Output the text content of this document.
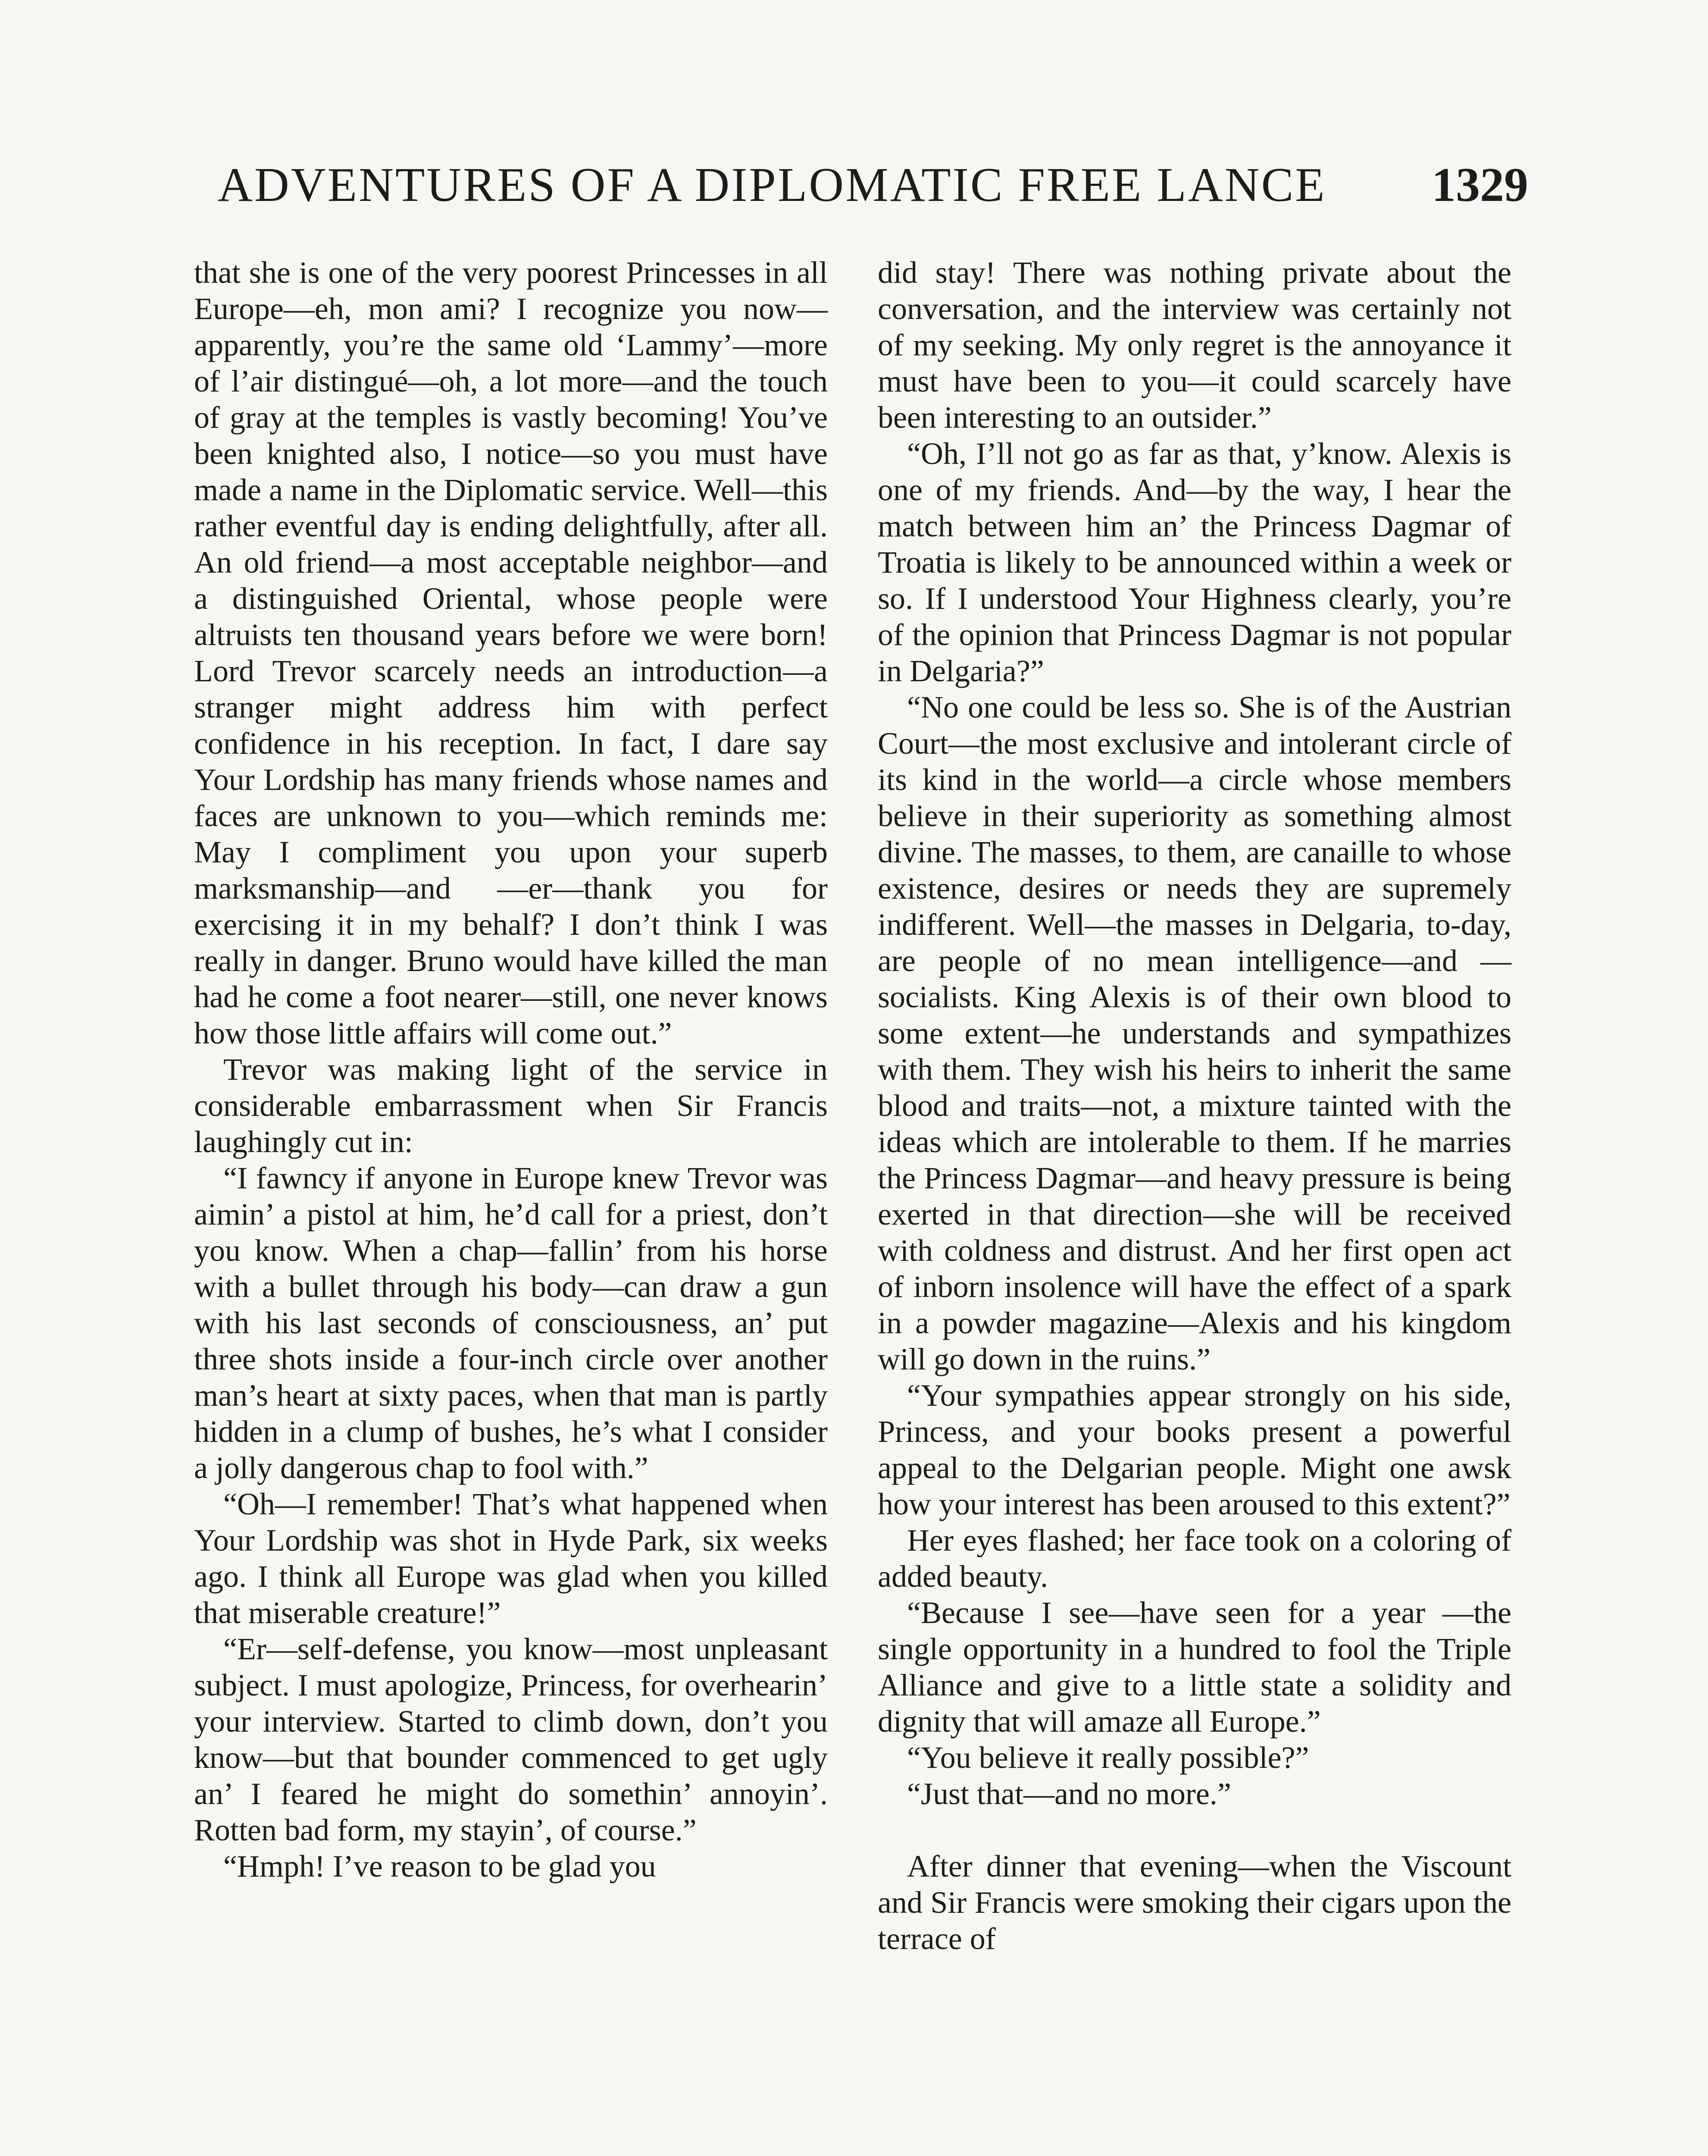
ADVENTURES OF A DIPLOMATIC FREE LANCE 1329

that she is one of the very poorest Princesses in all Europe—eh, mon ami? I recognize you now—apparently, you’re the same old ‘Lammy’—more of l’air distingué—oh, a lot more—and the touch of gray at the temples is vastly becoming! You’ve been knighted also, I notice—so you must have made a name in the Diplomatic service. Well—this rather eventful day is ending delightfully, after all. An old friend—a most acceptable neighbor—and a distinguished Oriental, whose people were altruists ten thousand years before we were born! Lord Trevor scarcely needs an introduction—a stranger might address him with perfect confidence in his reception. In fact, I dare say Your Lordship has many friends whose names and faces are unknown to you—which reminds me: May I compliment you upon your superb marksmanship—and —er—thank you for exercising it in my behalf? I don’t think I was really in danger. Bruno would have killed the man had he come a foot nearer—still, one never knows how those little affairs will come out.”

Trevor was making light of the service in considerable embarrassment when Sir Francis laughingly cut in:

“I fawncy if anyone in Europe knew Trevor was aimin’ a pistol at him, he’d call for a priest, don’t you know. When a chap—fallin’ from his horse with a bullet through his body—can draw a gun with his last seconds of consciousness, an’ put three shots inside a four-inch circle over another man’s heart at sixty paces, when that man is partly hidden in a clump of bushes, he’s what I consider a jolly dangerous chap to fool with.”

“Oh—I remember! That’s what happened when Your Lordship was shot in Hyde Park, six weeks ago. I think all Europe was glad when you killed that miserable creature!”

“Er—self-defense, you know—most unpleasant subject. I must apologize, Princess, for overhearin’ your interview. Started to climb down, don’t you know—but that bounder commenced to get ugly an’ I feared he might do somethin’ annoyin’. Rotten bad form, my stayin’, of course.”

“Hmph! I’ve reason to be glad you

did stay! There was nothing private about the conversation, and the interview was certainly not of my seeking. My only regret is the annoyance it must have been to you—it could scarcely have been interesting to an outsider.”

“Oh, I’ll not go as far as that, y’know. Alexis is one of my friends. And—by the way, I hear the match between him an’ the Princess Dagmar of Troatia is likely to be announced within a week or so. If I understood Your Highness clearly, you’re of the opinion that Princess Dagmar is not popular in Delgaria?”

“No one could be less so. She is of the Austrian Court—the most exclusive and intolerant circle of its kind in the world—a circle whose members believe in their superiority as something almost divine. The masses, to them, are canaille to whose existence, desires or needs they are supremely indifferent. Well—the masses in Delgaria, to-day, are people of no mean intelligence—and —socialists. King Alexis is of their own blood to some extent—he understands and sympathizes with them. They wish his heirs to inherit the same blood and traits—not, a mixture tainted with the ideas which are intolerable to them. If he marries the Princess Dagmar—and heavy pressure is being exerted in that direction—she will be received with coldness and distrust. And her first open act of inborn insolence will have the effect of a spark in a powder magazine—Alexis and his kingdom will go down in the ruins.”

“Your sympathies appear strongly on his side, Princess, and your books present a powerful appeal to the Delgarian people. Might one awsk how your interest has been aroused to this extent?”

Her eyes flashed; her face took on a coloring of added beauty.

“Because I see—have seen for a year —the single opportunity in a hundred to fool the Triple Alliance and give to a little state a solidity and dignity that will amaze all Europe.”

“You believe it really possible?”

“Just that—and no more.”

After dinner that evening—when the Viscount and Sir Francis were smoking their cigars upon the terrace of
